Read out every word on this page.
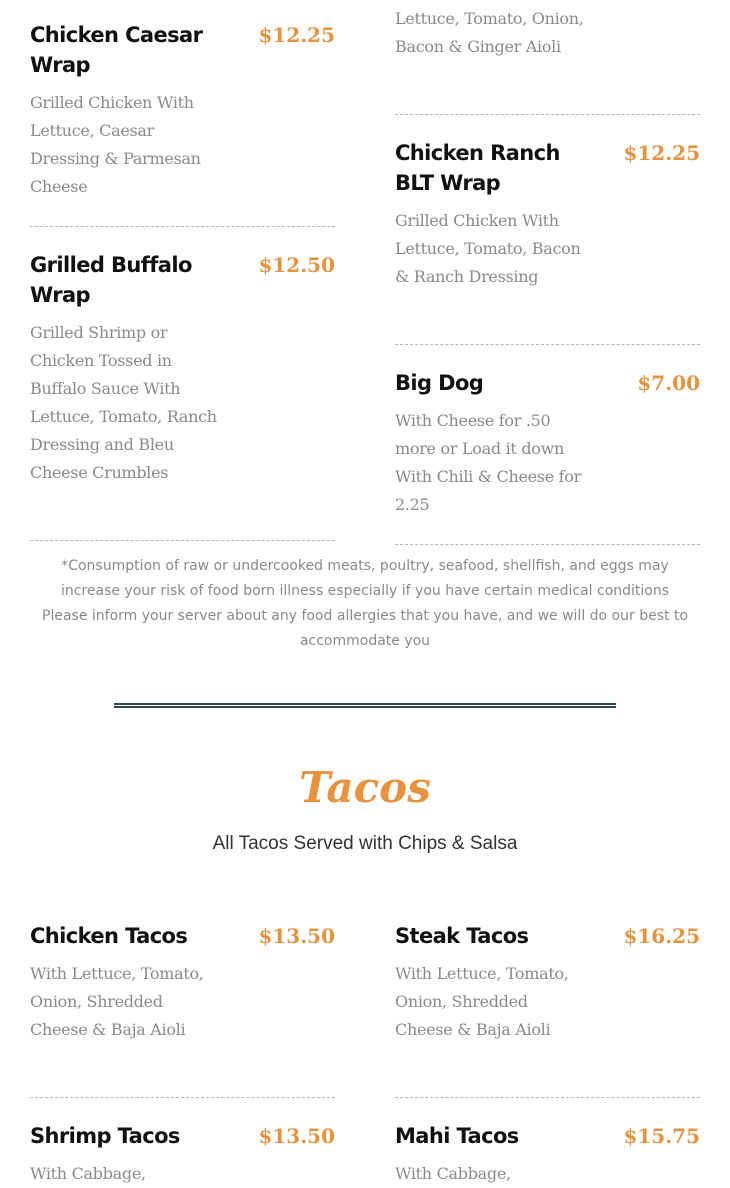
Chicken Caesar Wrap
$12.25
Grilled Chicken With Lettuce, Caesar Dressing & Parmesan Cheese
Grilled Buffalo Wrap
$12.50
Grilled Shrimp or Chicken Tossed in Buffalo Sauce With Lettuce, Tomato, Ranch Dressing and Bleu Cheese Crumbles
Lettuce, Tomato, Onion, Bacon & Ginger Aioli
Chicken Ranch BLT Wrap
$12.25
Grilled Chicken With Lettuce, Tomato, Bacon & Ranch Dressing
Big Dog	$7.00
With Cheese for .50 more or Load it down With Chili & Cheese for 2.25
*Consumption of raw or undercooked meats, poultry, seafood, shellfish, and eggs may increase your risk of food born illness especially if you have certain medical conditions
Please inform your server about any food allergies that you have, and we will do our best to accommodate you
Tacos
All Tacos Served with Chips & Salsa
Chicken Tacos	$13.50
With Lettuce, Tomato, Onion, Shredded Cheese & Baja Aioli
Steak Tacos	$16.25
With Lettuce, Tomato, Onion, Shredded Cheese & Baja Aioli
Shrimp Tacos	$13.50
With Cabbage,
Mahi Tacos	$15.75
With Cabbage,
